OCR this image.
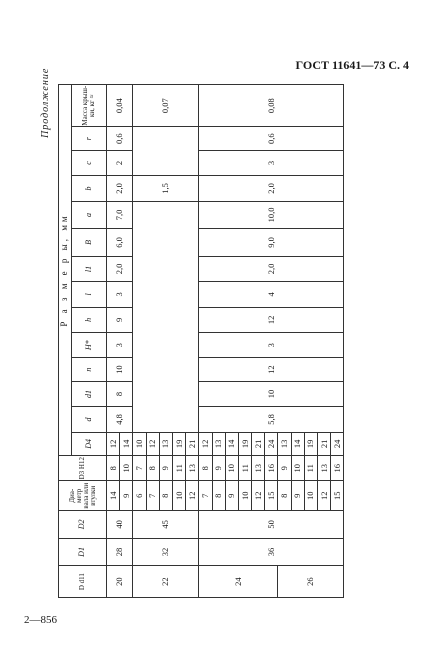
ГОСТ 11641—73 С. 4
Продолжение
D d11	D1	D2	Диа- метр вала или втулки	D3 H12	Р а з м е р ы, мм													
					D4	d	d1	n	H*	h	l	l1	B	a	b	c	r	Масса крыш-ки, кг ≈
20	28	40	14	8	12	4,8	8	10	3	9	3	2,0	6,0	7,0	2,0	2	0,6	0,04
			9	10	14													
22	32	45	6	7	10										1,5			0,07
			7	8	12													
			8	9	13													
			10	11	19													
			12	13	21													
24	36	50	7	8	12	5,8	10	12	3	12	4	2,0	9,0	10,0	2,0	3	0,6	0,08
			8	9	13													
			9	10	14													
			10	11	19													
			12	13	21													
			15	16	24													
26			8	9	13													
			9	10	14													
			10	11	19													
			12	13	21													
			15	16	24													
2—856
